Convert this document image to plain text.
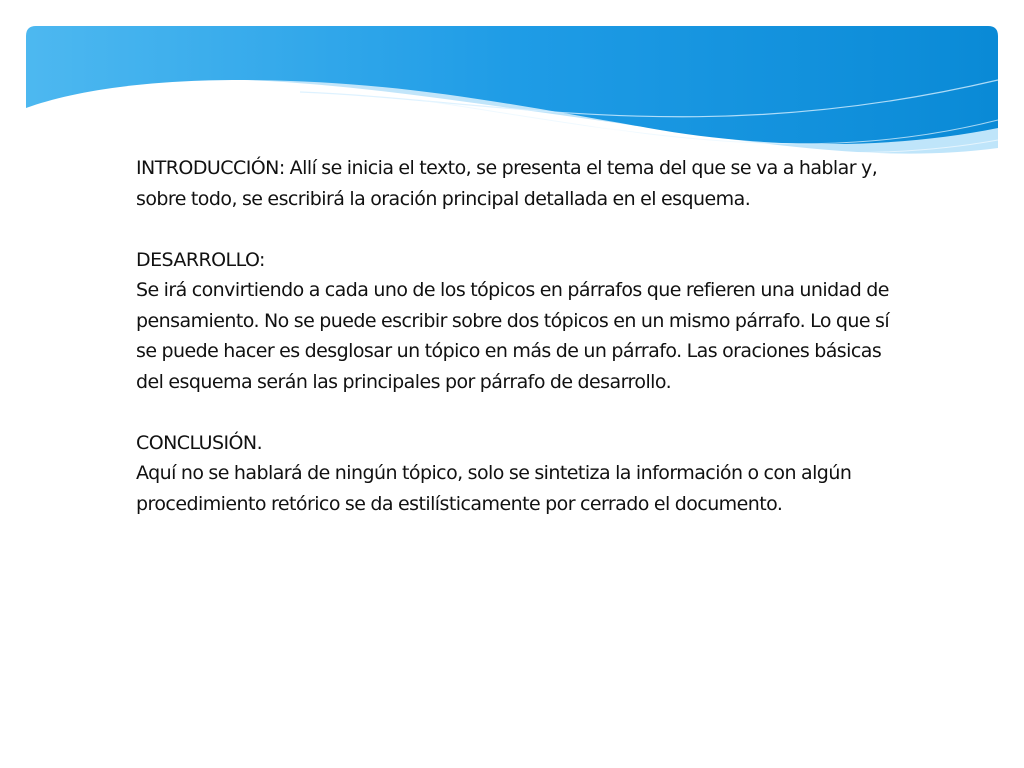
INTRODUCCIÓN: Allí se inicia el texto, se presenta el tema del que se va a hablar y, sobre todo, se escribirá la oración principal detallada en el esquema.

DESARROLLO:

Se irá convirtiendo a cada uno de los tópicos en párrafos que refieren una unidad de pensamiento. No se puede escribir sobre dos tópicos en un mismo párrafo. Lo que sí se puede hacer es desglosar un tópico en más de un párrafo. Las oraciones básicas del esquema serán las principales por párrafo de desarrollo.

CONCLUSIÓN.

Aquí no se hablará de ningún tópico, solo se sintetiza la información o con algún procedimiento retórico se da estilísticamente por cerrado el documento.
